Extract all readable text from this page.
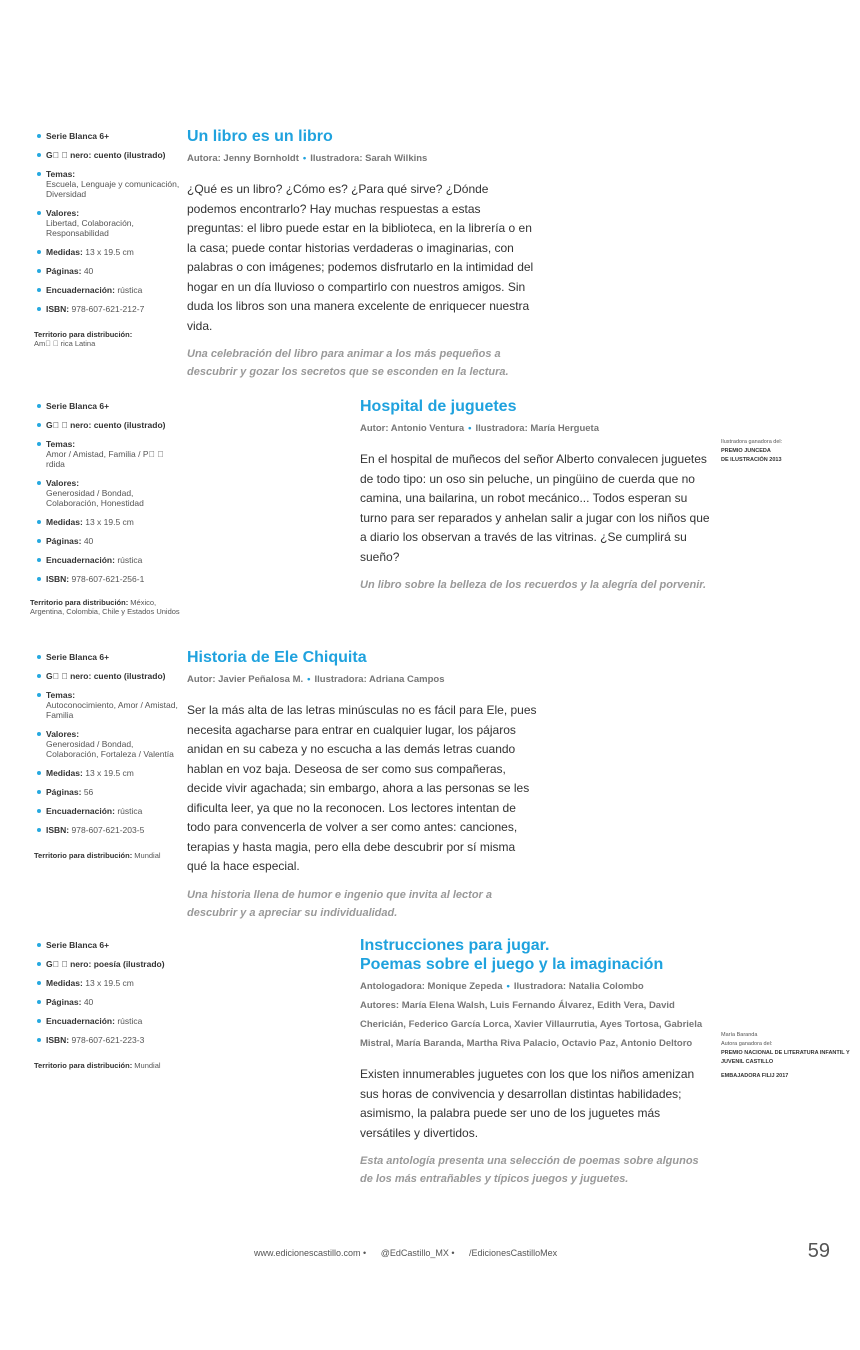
CASTILLO DE LA LECTURA | FICCIÓN 6+
Serie Blanca 6+
G    nero: cuento (ilustrado)
Temas:
Escuela, Lenguaje y comunicación, Diversidad
Valores:
Libertad, Colaboración, Responsabilidad
Medidas: 13 x 19.5 cm
Páginas: 40
Encuadernación: rústica
ISBN: 978-607-621-212-7
Territorio para distribución:
Am    rica Latina
Un libro es un libro
Autora: Jenny Bornholdt • Ilustradora: Sarah Wilkins
¿Qué es un libro? ¿Cómo es? ¿Para qué sirve? ¿Dónde podemos encontrarlo? Hay muchas respuestas a estas preguntas: el libro puede estar en la biblioteca, en la librería o en la casa; puede contar historias verdaderas o imaginarias, con palabras o con imágenes; podemos disfrutarlo en la intimidad del hogar en un día lluvioso o compartirlo con nuestros amigos. Sin duda los libros son una manera excelente de enriquecer nuestra vida.
Una celebración del libro para animar a los más pequeños a descubrir y gozar los secretos que se esconden en la lectura.
Serie Blanca 6+
G    nero: cuento (ilustrado)
Temas:
Amor / Amistad, Familia / P    rdida
Valores:
Generosidad / Bondad, Colaboración, Honestidad
Medidas: 13 x 19.5 cm
Páginas: 40
Encuadernación: rústica
ISBN: 978-607-621-256-1
Territorio para distribución: México, Argentina, Colombia, Chile y Estados Unidos
Hospital de juguetes
Autor: Antonio Ventura • Ilustradora: María Hergueta
En el hospital de muñecos del señor Alberto convalecen juguetes de todo tipo: un oso sin peluche, un pingüino de cuerda que no camina, una bailarina, un robot mecánico... Todos esperan su turno para ser reparados y anhelan salir a jugar con los niños que a diario los observan a través de las vitrinas. ¿Se cumplirá su sueño?
Un libro sobre la belleza de los recuerdos y la alegría del porvenir.
Ilustradora ganadora del:
PREMIO JUNCEDA
DE ILUSTRACIÓN 2013
Serie Blanca 6+
G    nero: cuento (ilustrado)
Temas:
Autoconocimiento, Amor / Amistad, Familia
Valores:
Generosidad / Bondad, Colaboración, Fortaleza / Valentía
Medidas: 13 x 19.5 cm
Páginas: 56
Encuadernación: rústica
ISBN: 978-607-621-203-5
Territorio para distribución: Mundial
Historia de Ele Chiquita
Autor: Javier Peñalosa M. • Ilustradora: Adriana Campos
Ser la más alta de las letras minúsculas no es fácil para Ele, pues necesita agacharse para entrar en cualquier lugar, los pájaros anidan en su cabeza y no escucha a las demás letras cuando hablan en voz baja. Deseosa de ser como sus compañeras, decide vivir agachada; sin embargo, ahora a las personas se les dificulta leer, ya que no la reconocen. Los lectores intentan de todo para convencerla de volver a ser como antes: canciones, terapias y hasta magia, pero ella debe descubrir por sí misma qué la hace especial.
Una historia llena de humor e ingenio que invita al lector a descubrir y a apreciar su individualidad.
Serie Blanca 6+
G    nero: poesía (ilustrado)
Medidas: 13 x 19.5 cm
Páginas: 40
Encuadernación: rústica
ISBN: 978-607-621-223-3
Territorio para distribución: Mundial
Instrucciones para jugar.
Poemas sobre el juego y la imaginación
Antologadora: Monique Zepeda • Ilustradora: Natalia Colombo
Autores: María Elena Walsh, Luis Fernando Álvarez, Edith Vera, David Chericián, Federico García Lorca, Xavier Villaurrutia, Ayes Tortosa, Gabriela Mistral, María Baranda, Martha Riva Palacio, Octavio Paz, Antonio Deltoro
Existen innumerables juguetes con los que los niños amenizan sus horas de convivencia y desarrollan distintas habilidades; asimismo, la palabra puede ser uno de los juguetes más versátiles y divertidos.
Esta antología presenta una selección de poemas sobre algunos de los más entrañables y típicos juegos y juguetes.
María Baranda
Autora ganadora del:
PREMIO NACIONAL DE LITERATURA INFANTIL Y JUVENIL CASTILLO
EMBAJADORA FILIJ 2017
www.edicionescastillo.com • @EdCastillo_MX • /EdicionesCastilloMex	59
